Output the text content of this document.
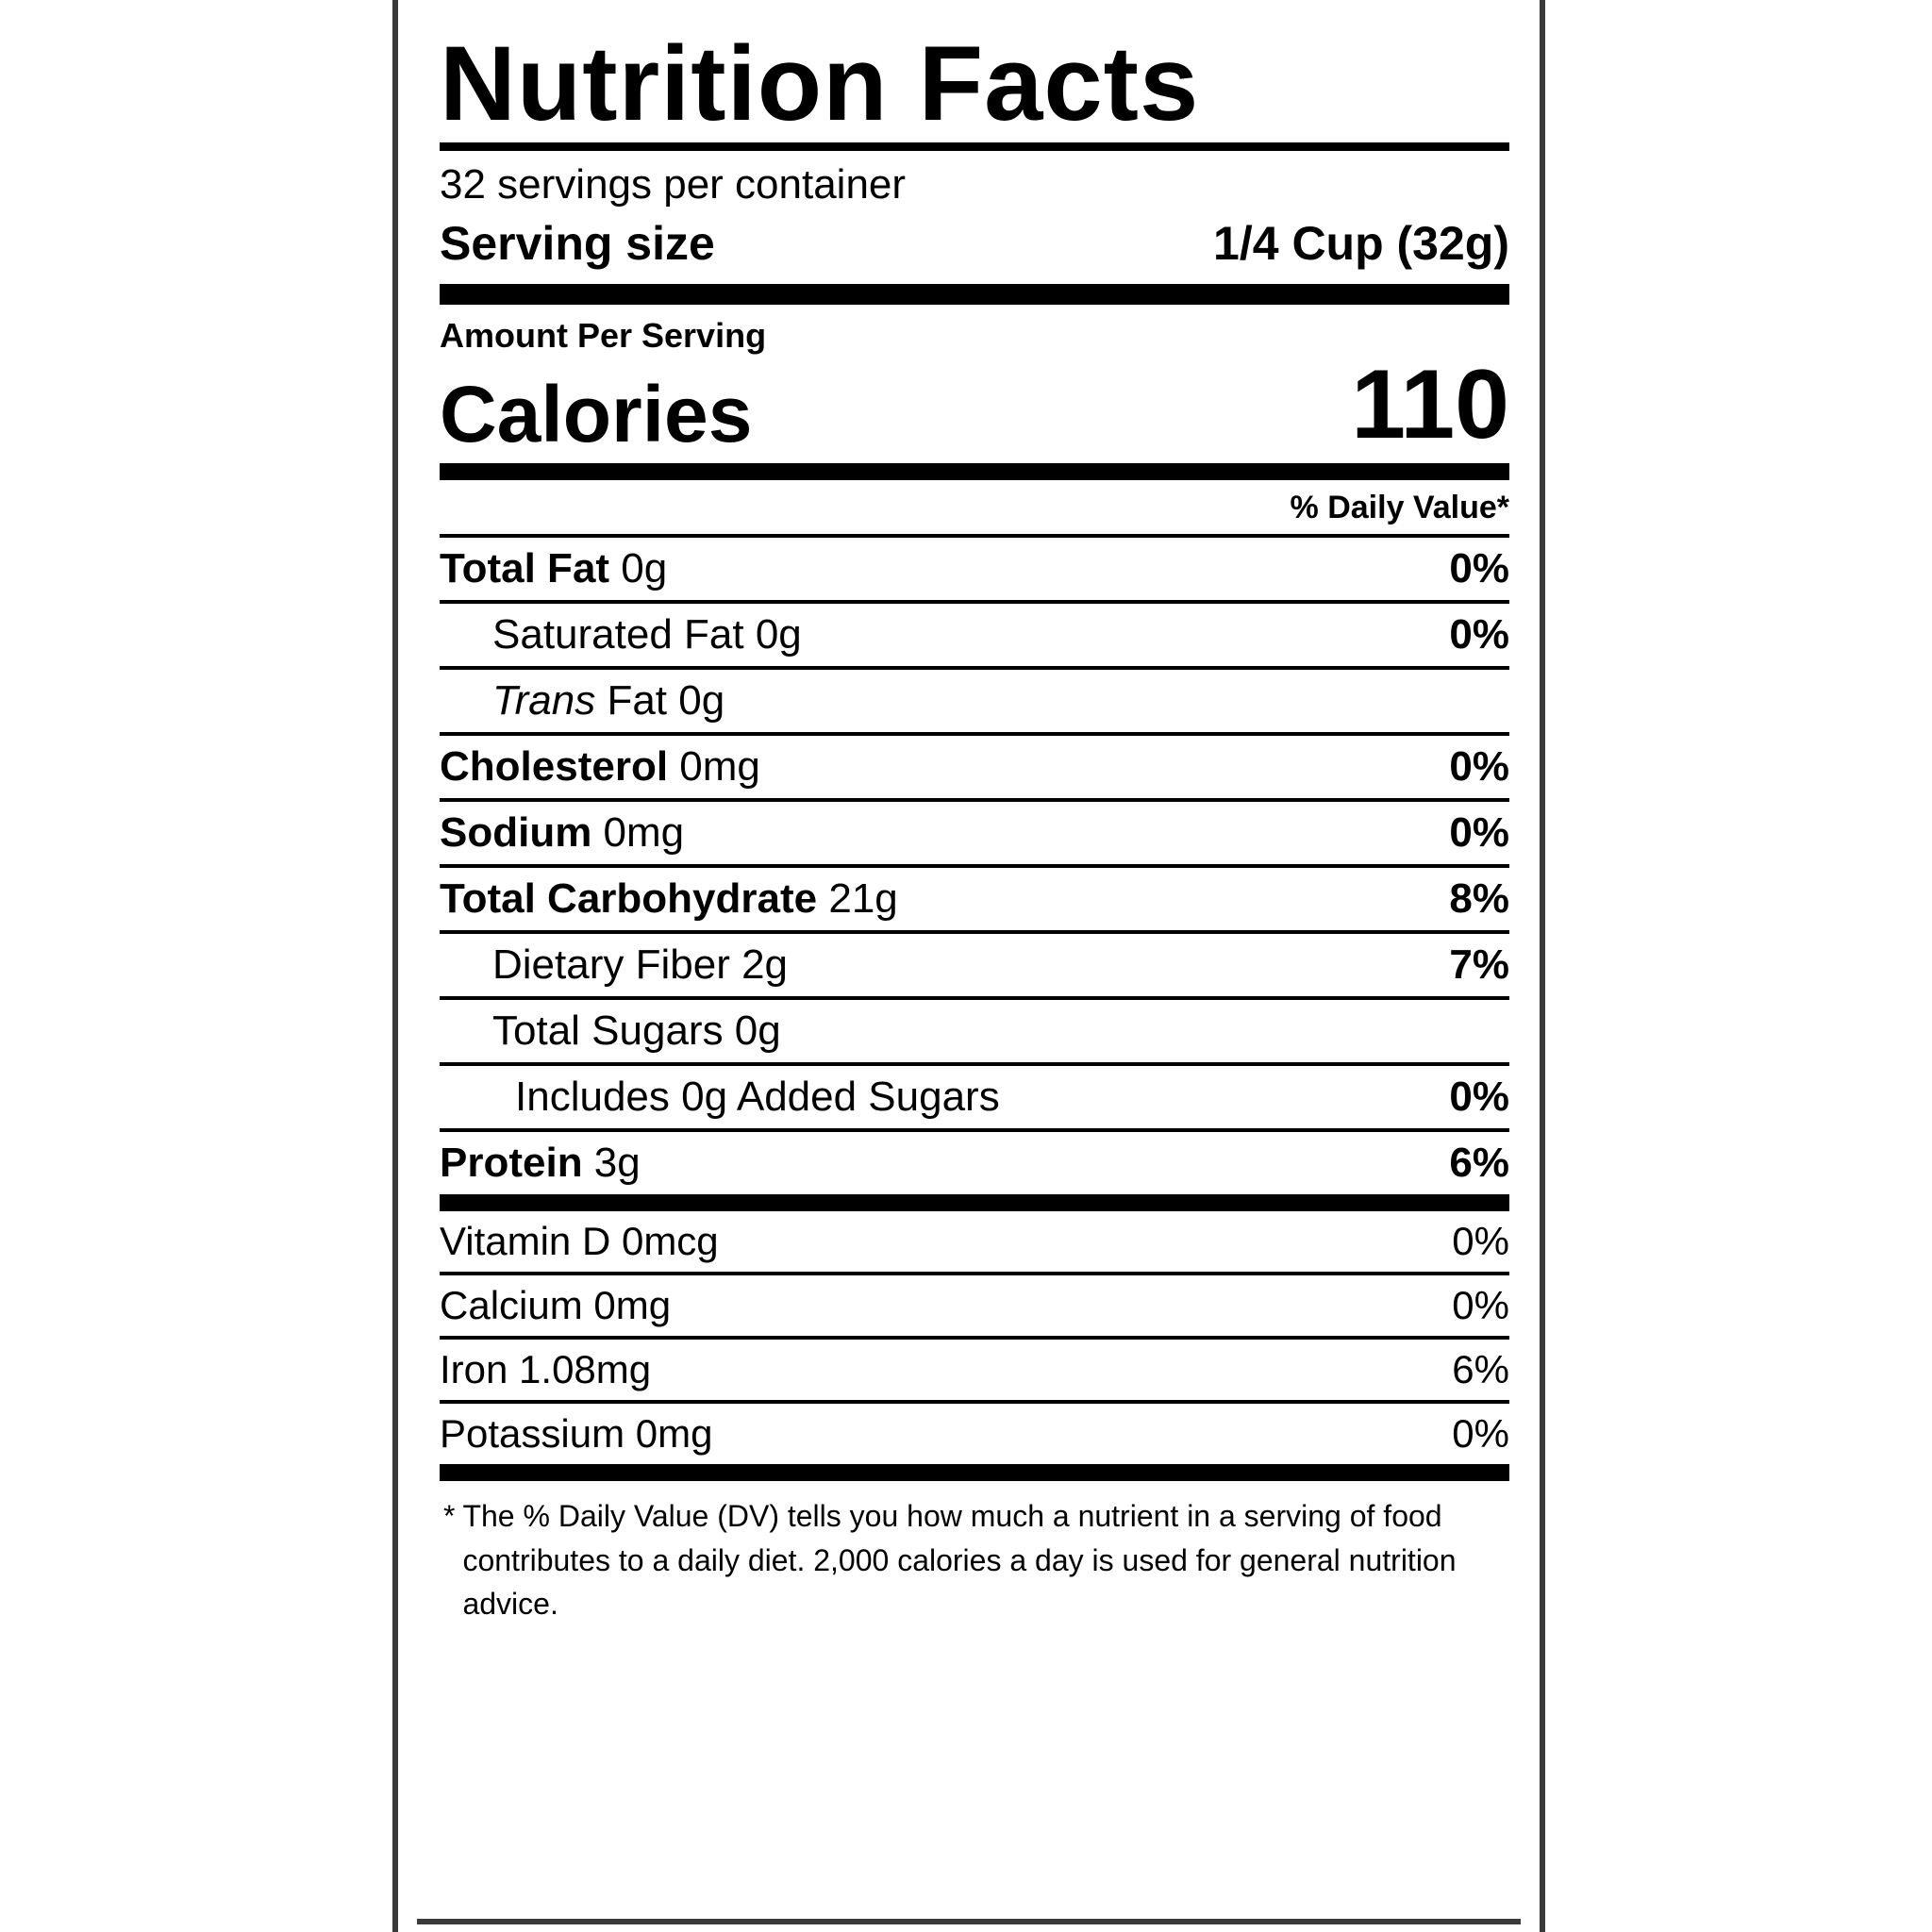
Nutrition Facts
32 servings per container
Serving size	1/4 Cup (32g)
Amount Per Serving
Calories	110
% Daily Value*
Total Fat 0g	0%
Saturated Fat 0g	0%
Trans Fat 0g
Cholesterol 0mg	0%
Sodium 0mg	0%
Total Carbohydrate 21g	8%
Dietary Fiber 2g	7%
Total Sugars 0g
Includes 0g Added Sugars	0%
Protein 3g	6%
Vitamin D 0mcg	0%
Calcium 0mg	0%
Iron 1.08mg	6%
Potassium 0mg	0%
* The % Daily Value (DV) tells you how much a nutrient in a serving of food contributes to a daily diet. 2,000 calories a day is used for general nutrition advice.
